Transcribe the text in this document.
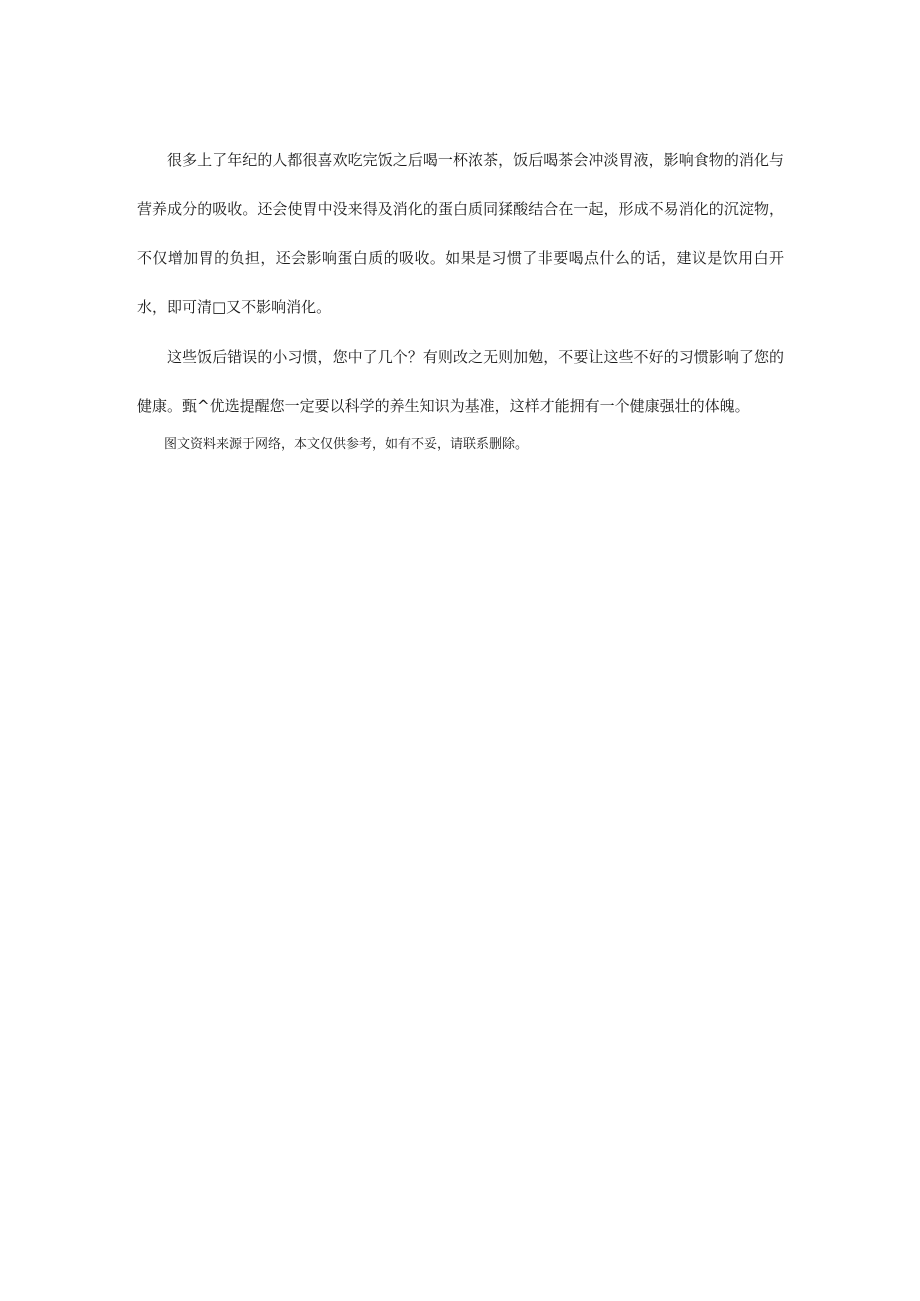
很多上了年纪的人都很喜欢吃完饭之后喝一杯浓茶，饭后喝茶会冲淡胃液，影响食物的消化与营养成分的吸收。还会使胃中没来得及消化的蛋白质同猱酸结合在一起，形成不易消化的沉淀物，不仅增加胃的负担，还会影响蛋白质的吸收。如果是习惯了非要喝点什么的话，建议是饮用白开水，即可清□又不影响消化。

这些饭后错误的小习惯，您中了几个？有则改之无则加勉，不要让这些不好的习惯影响了您的健康。甄^优选提醒您一定要以科学的养生知识为基准，这样才能拥有一个健康强壮的体魄。

图文资料来源于网络，本文仅供参考，如有不妥，请联系删除。
